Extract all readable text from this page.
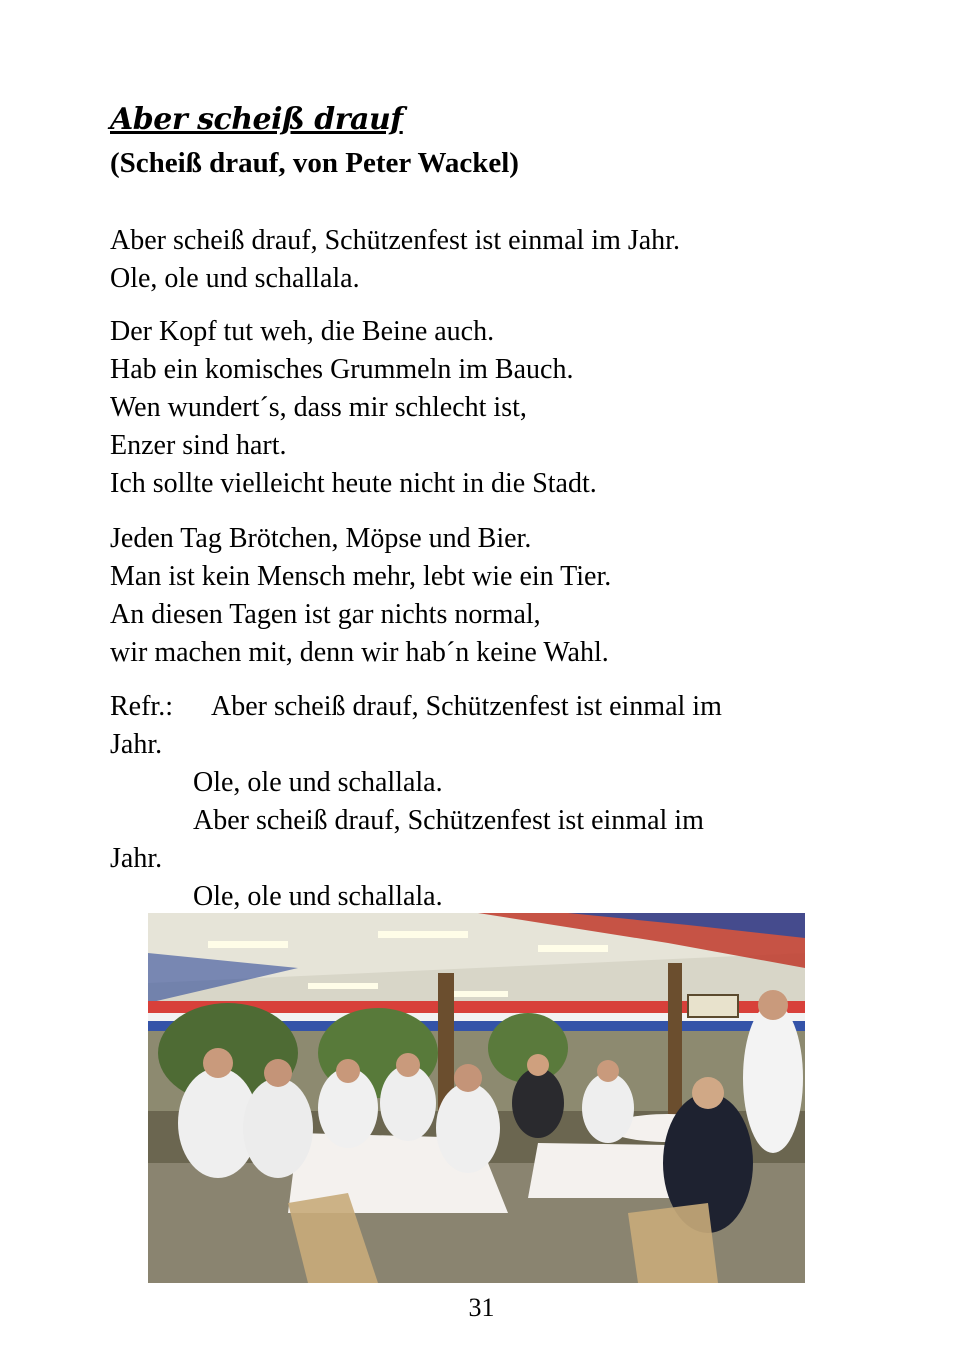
Aber scheiß drauf
(Scheiß drauf, von Peter Wackel)

Aber scheiß drauf, Schützenfest ist einmal im Jahr.
Ole, ole und schallala.

Der Kopf tut weh, die Beine auch.
Hab ein komisches Grummeln im Bauch.
Wen wundert´s, dass mir schlecht ist,
Enzer sind hart.
Ich sollte vielleicht heute nicht in die Stadt.

Jeden Tag Brötchen, Möpse und Bier.
Man ist kein Mensch mehr, lebt wie ein Tier.
An diesen Tagen ist gar nichts normal,
wir machen mit, denn wir hab´n keine Wahl.

Refr.: Aber scheiß drauf, Schützenfest ist einmal im
Jahr.
Ole, ole und schallala.
Aber scheiß drauf, Schützenfest ist einmal im
Jahr.
Ole, ole und schallala.

31
